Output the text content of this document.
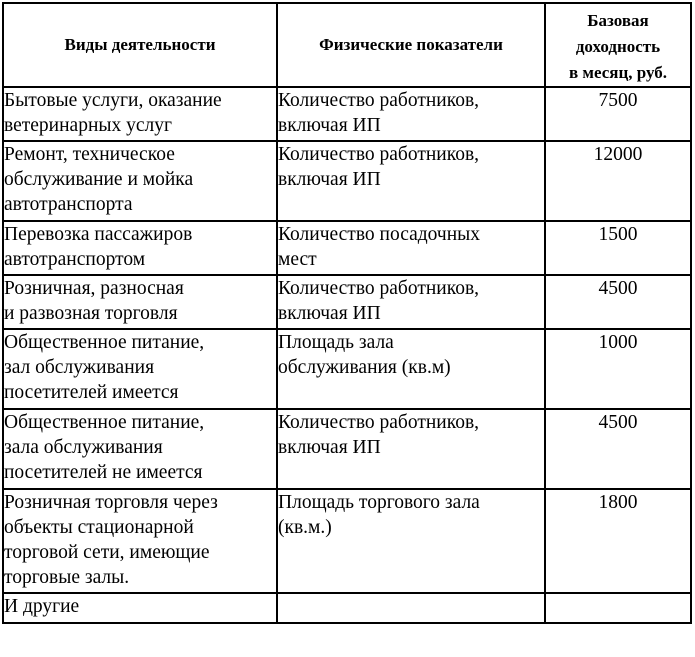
Виды деятельности	Физические показатели	Базовая
доходность
в месяц, руб.

Бытовые услуги, оказание
ветеринарных услуг	Количество работников,
включая ИП	7500

Ремонт, техническое
обслуживание и мойка
автотранспорта	Количество работников,
включая ИП	12000

Перевозка пассажиров
автотранспортом	Количество посадочных
мест	1500

Розничная, разносная
и развозная торговля	Количество работников,
включая ИП	4500

Общественное питание,
зал обслуживания
посетителей имеется	Площадь зала
обслуживания (кв.м)	1000

Общественное питание,
зала обслуживания
посетителей не имеется	Количество работников,
включая ИП	4500

Розничная торговля через
объекты стационарной
торговой сети, имеющие
торговые залы.	Площадь торгового зала
(кв.м.)	1800

И другие		
